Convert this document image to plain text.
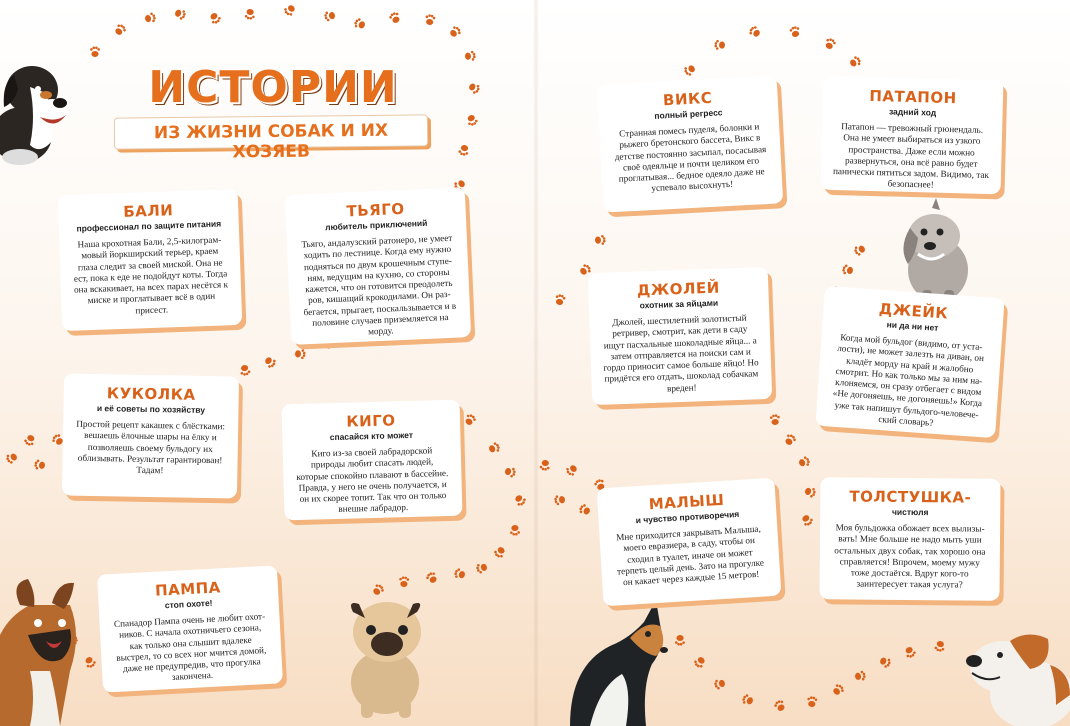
ИСТОРИИ
ИЗ ЖИЗНИ СОБАК И ИХ ХОЗЯЕВ
БАЛИ
профессионал по защите питания
Наша крохотная Бали, 2,5-килограм-мовый йоркширский терьер, краем глаза следит за своей миской. Она не ест, пока к еде не подойдут коты. Тогда она вскакивает, на всех парах несётся к миске и проглатывает всё в один присест.
ТЬЯГО
любитель приключений
Тьяго, андалузский ратонеро, не умеет ходить по лестнице. Когда ему нужно подняться по двум крошечным ступе-ням, ведущим на кухню, со стороны кажется, что он готовится преодолеть ров, кишащий крокодилами. Он раз-бегается, прыгает, поскальзывается и в половине случаев приземляется на морду.
КУКОЛКА
и её советы по хозяйству
Простой рецепт какашек с блёстками: вешаешь ёлочные шары на ёлку и позволяешь своему бульдогу их облизывать. Результат гарантирован! Тадам!
КИГО
спасайся кто может
Киго из-за своей лабрадорской природы любит спасать людей, которые спокойно плавают в бассейне. Правда, у него не очень получается, и он их скорее топит. Так что он только внешне лабрадор.
ПАМПА
стоп охоте!
Спанадор Пампа очень не любит охот-ников. С начала охотничьего сезона, как только она слышит вдалеке выстрел, то со всех ног мчится домой, даже не предупредив, что прогулка закончена.
ВИКС
полный регресс
Странная помесь пуделя, болонки и рыжего бретонского бассета, Викс в детстве постоянно засыпал, посасывая своё одеяльце и почти целиком его проглатывая... бедное одеяло даже не успевало высохнуть!
ПАТАПОН
задний ход
Патапон — тревожный грюнендаль. Она не умеет выбираться из узкого пространства. Даже если можно развернуться, она всё равно будет панически пятиться задом. Видимо, так безопаснее!
ДЖОЛЕЙ
охотник за яйцами
Джолей, шестилетний золотистый ретривер, смотрит, как дети в саду ищут пасхальные шоколадные яйца... а затем отправляется на поиски сам и гордо приносит самое больше яйцо! Но придётся его отдать, шоколад собачкам вреден!
ДЖЕЙК
ни да ни нет
Когда мой бульдог (видимо, от уста-лости), не может залезть на диван, он кладёт морду на край и жалобно смотрит. Но как только мы за ним на-клоняемся, он сразу отбегает с видом «Не догоняешь, не догоняешь!» Когда уже так напишут бульдого-человече-ский словарь?
МАЛЫШ
и чувство противоречия
Мне приходится закрывать Малыша, моего евразиера, в саду, чтобы он сходил в туалет, иначе он может терпеть целый день. Зато на прогулке он какает через каждые 15 метров!
ТОЛСТУШКА-
чистюля
Моя бульдожка обожает всех вылизы-вать! Мне больше не надо мыть уши остальных двух собак, так хорошо она справляется! Впрочем, моему мужу тоже достаётся. Вдруг кого-то заинтересует такая услуга?
